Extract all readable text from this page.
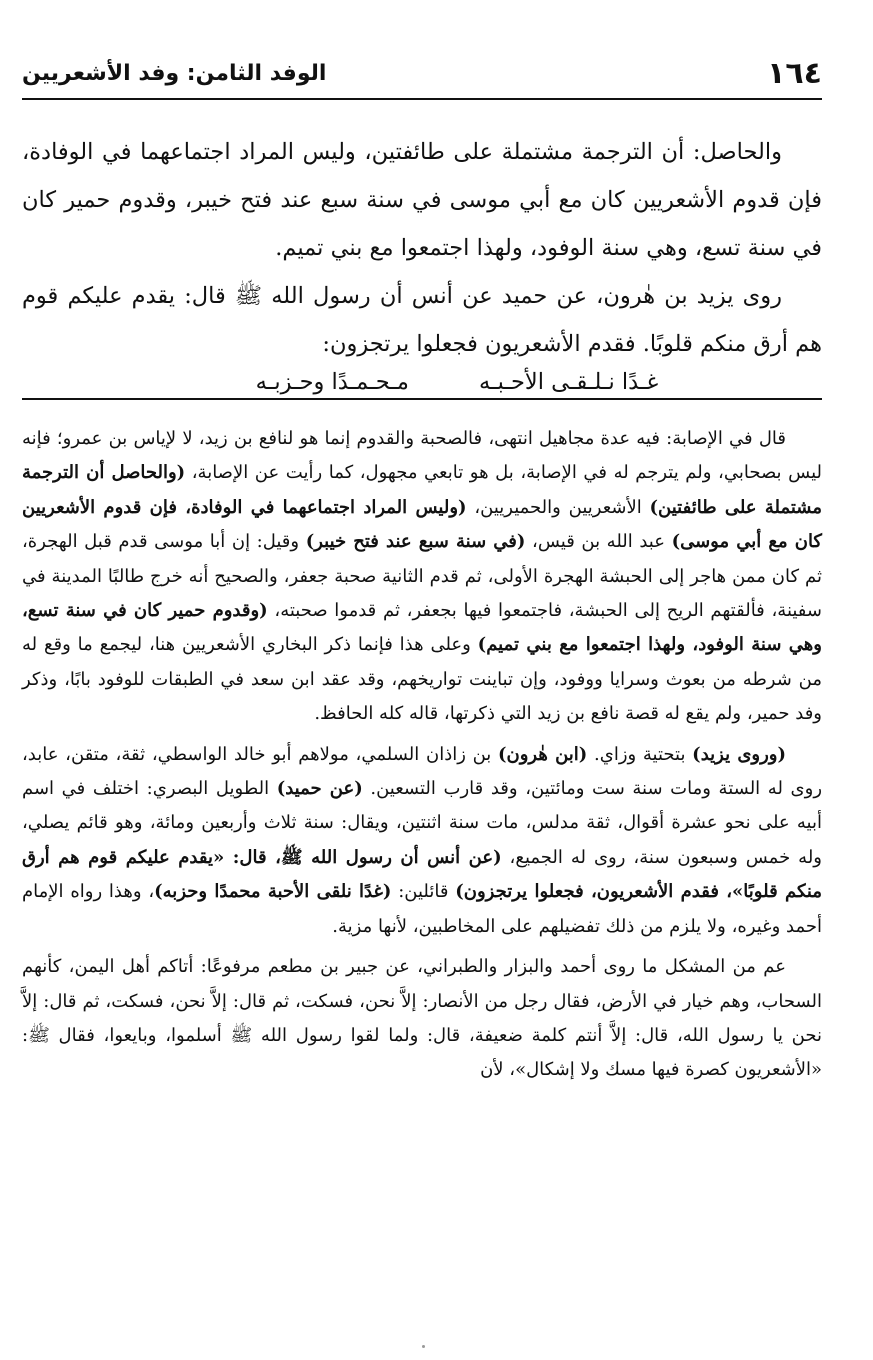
١٦٤
الوفد الثامن: وفد الأشعريين

والحاصل: أن الترجمة مشتملة على طائفتين، وليس المراد اجتماعهما في الوفادة، فإن قدوم الأشعريين كان مع أبي موسى في سنة سبع عند فتح خيبر، وقدوم حمير كان في سنة تسع، وهي سنة الوفود، ولهذا اجتمعوا مع بني تميم.

روى يزيد بن هٰرون، عن حميد عن أنس أن رسول الله ﷺ قال: يقدم عليكم قوم هم أرق منكم قلوبًا. فقدم الأشعريون فجعلوا يرتجزون:

غـدًا نـلـقـى الأحـبـه
مـحـمـدًا وحـزبـه

قال في الإصابة: فيه عدة مجاهيل انتهى، فالصحبة والقدوم إنما هو لنافع بن زيد، لا لإياس بن عمرو؛ فإنه ليس بصحابي، ولم يترجم له في الإصابة، بل هو تابعي مجهول، كما رأيت عن الإصابة، (والحاصل أن الترجمة مشتملة على طائفتين) الأشعريين والحميريين، (وليس المراد اجتماعهما في الوفادة، فإن قدوم الأشعريين كان مع أبي موسى) عبد الله بن قيس، (في سنة سبع عند فتح خيبر) وقيل: إن أبا موسى قدم قبل الهجرة، ثم كان ممن هاجر إلى الحبشة الهجرة الأولى، ثم قدم الثانية صحبة جعفر، والصحيح أنه خرج طالبًا المدينة في سفينة، فألقتهم الريح إلى الحبشة، فاجتمعوا فيها بجعفر، ثم قدموا صحبته، (وقدوم حمير كان في سنة تسع، وهي سنة الوفود، ولهذا اجتمعوا مع بني تميم) وعلى هذا فإنما ذكر البخاري الأشعريين هنا، ليجمع ما وقع له من شرطه من بعوث وسرايا ووفود، وإن تباينت تواريخهم، وقد عقد ابن سعد في الطبقات للوفود بابًا، وذكر وفد حمير، ولم يقع له قصة نافع بن زيد التي ذكرتها، قاله كله الحافظ.

(وروى يزيد) بتحتية وزاي. (ابن هٰرون) بن زاذان السلمي، مولاهم أبو خالد الواسطي، ثقة، متقن، عابد، روى له الستة ومات سنة ست ومائتين، وقد قارب التسعين. (عن حميد) الطويل البصري: اختلف في اسم أبيه على نحو عشرة أقوال، ثقة مدلس، مات سنة اثنتين، ويقال: سنة ثلاث وأربعين ومائة، وهو قائم يصلي، وله خمس وسبعون سنة، روى له الجميع، (عن أنس أن رسول الله ﷺ، قال: «يقدم عليكم قوم هم أرق منكم قلوبًا»، فقدم الأشعريون، فجعلوا يرتجزون) قائلين: (غدًا نلقى الأحبة محمدًا وحزبه)، وهذا رواه الإمام أحمد وغيره، ولا يلزم من ذلك تفضيلهم على المخاطبين، لأنها مزية.

عم من المشكل ما روى أحمد والبزار والطبراني، عن جبير بن مطعم مرفوعًا: أتاكم أهل اليمن، كأنهم السحاب، وهم خيار في الأرض، فقال رجل من الأنصار: إلاَّ نحن، فسكت، ثم قال: إلاَّ نحن، فسكت، ثم قال: إلاَّ نحن يا رسول الله، قال: إلاَّ أنتم كلمة ضعيفة، قال: ولما لقوا رسول الله ﷺ أسلموا، وبايعوا، فقال ﷺ: «الأشعريون كصرة فيها مسك ولا إشكال»، لأن
